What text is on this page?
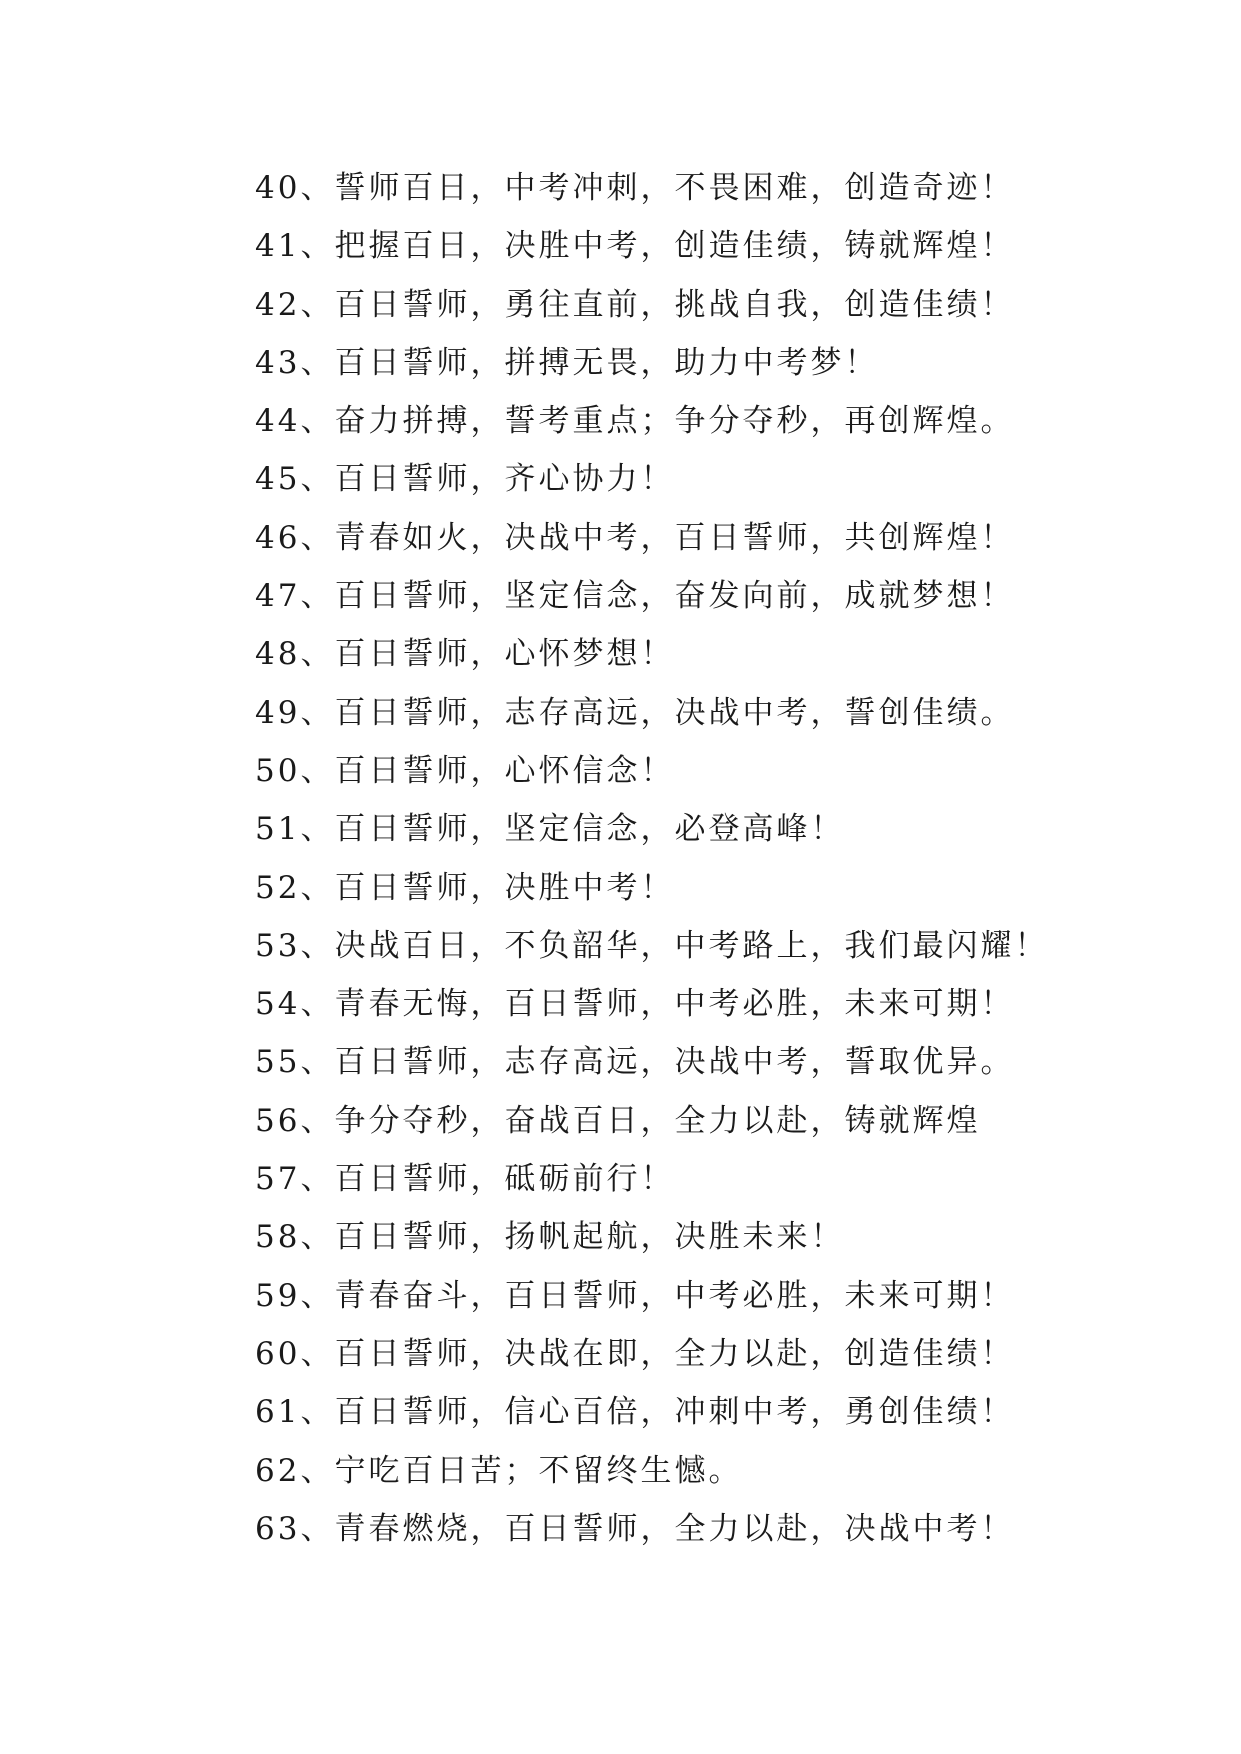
40、誓师百日，中考冲刺，不畏困难，创造奇迹！
41、把握百日，决胜中考，创造佳绩，铸就辉煌！
42、百日誓师，勇往直前，挑战自我，创造佳绩！
43、百日誓师，拼搏无畏，助力中考梦！
44、奋力拼搏，誓考重点；争分夺秒，再创辉煌。
45、百日誓师，齐心协力！
46、青春如火，决战中考，百日誓师，共创辉煌！
47、百日誓师，坚定信念，奋发向前，成就梦想！
48、百日誓师，心怀梦想！
49、百日誓师，志存高远，决战中考，誓创佳绩。
50、百日誓师，心怀信念！
51、百日誓师，坚定信念，必登高峰！
52、百日誓师，决胜中考！
53、决战百日，不负韶华，中考路上，我们最闪耀！
54、青春无悔，百日誓师，中考必胜，未来可期！
55、百日誓师，志存高远，决战中考，誓取优异。
56、争分夺秒，奋战百日，全力以赴，铸就辉煌
57、百日誓师，砥砺前行！
58、百日誓师，扬帆起航，决胜未来！
59、青春奋斗，百日誓师，中考必胜，未来可期！
60、百日誓师，决战在即，全力以赴，创造佳绩！
61、百日誓师，信心百倍，冲刺中考，勇创佳绩！
62、宁吃百日苦；不留终生憾。
63、青春燃烧，百日誓师，全力以赴，决战中考！
